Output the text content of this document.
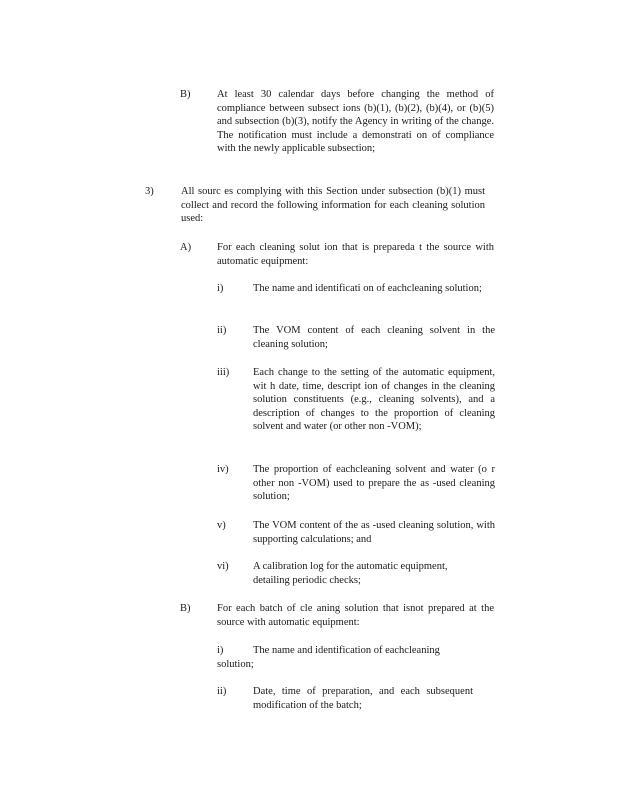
B)	At least 30 calendar days before changing the method of compliance between subsect ions (b)(1), (b)(2), (b)(4), or (b)(5) and subsection (b)(3), notify the Agency in writing of the change. The notification must include a demonstrati on of compliance with the newly applicable subsection;
3)	All sourc es complying with this Section under subsection (b)(1) must collect and record the following information for each cleaning solution used:
A) For each cleaning solut ion that is prepareda t the source with automatic equipment:
i)	The name and identificati on of eachcleaning solution;
ii)	The VOM content of each cleaning solvent in the cleaning solution;
iii) Each change to the setting of the automatic equipment, wit h date, time, descript ion of changes in the cleaning solution constituents (e.g., cleaning solvents), and a description of changes to the proportion of cleaning solvent and water (or other non -VOM);
iv) The proportion of eachcleaning solvent and water (o r other non -VOM) used to prepare the as -used cleaning solution;
v)	The VOM content of the as -used cleaning solution, with supporting calculations; and
vi) A calibration log for the automatic equipment, detailing periodic checks;
B)	For each batch of cle aning solution that isnot prepared at the source with automatic equipment:
i)	The name and identification of eachcleaning solution;
ii)	Date, time of preparation, and each subsequent modification of the batch;
